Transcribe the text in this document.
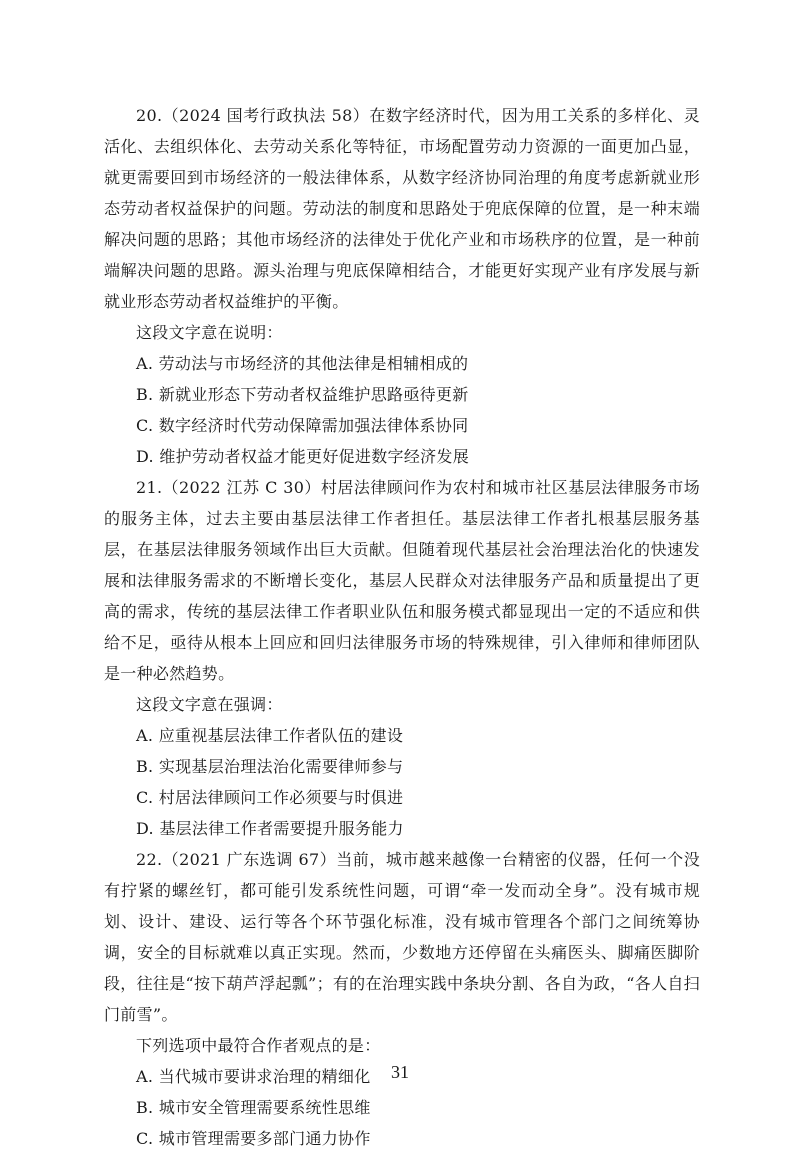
20.（2024 国考行政执法 58）在数字经济时代，因为用工关系的多样化、灵活化、去组织体化、去劳动关系化等特征，市场配置劳动力资源的一面更加凸显，就更需要回到市场经济的一般法律体系，从数字经济协同治理的角度考虑新就业形态劳动者权益保护的问题。劳动法的制度和思路处于兜底保障的位置，是一种末端解决问题的思路；其他市场经济的法律处于优化产业和市场秩序的位置，是一种前端解决问题的思路。源头治理与兜底保障相结合，才能更好实现产业有序发展与新就业形态劳动者权益维护的平衡。

这段文字意在说明：

A. 劳动法与市场经济的其他法律是相辅相成的

B. 新就业形态下劳动者权益维护思路亟待更新

C. 数字经济时代劳动保障需加强法律体系协同

D. 维护劳动者权益才能更好促进数字经济发展

21.（2022 江苏 C 30）村居法律顾问作为农村和城市社区基层法律服务市场的服务主体，过去主要由基层法律工作者担任。基层法律工作者扎根基层服务基层，在基层法律服务领域作出巨大贡献。但随着现代基层社会治理法治化的快速发展和法律服务需求的不断增长变化，基层人民群众对法律服务产品和质量提出了更高的需求，传统的基层法律工作者职业队伍和服务模式都显现出一定的不适应和供给不足，亟待从根本上回应和回归法律服务市场的特殊规律，引入律师和律师团队是一种必然趋势。

这段文字意在强调：

A. 应重视基层法律工作者队伍的建设

B. 实现基层治理法治化需要律师参与

C. 村居法律顾问工作必须要与时俱进

D. 基层法律工作者需要提升服务能力

22.（2021 广东选调 67）当前，城市越来越像一台精密的仪器，任何一个没有拧紧的螺丝钉，都可能引发系统性问题，可谓“牵一发而动全身”。没有城市规划、设计、建设、运行等各个环节强化标准，没有城市管理各个部门之间统筹协调，安全的目标就难以真正实现。然而，少数地方还停留在头痛医头、脚痛医脚阶段，往往是“按下葫芦浮起瓢”；有的在治理实践中条块分割、各自为政，“各人自扫门前雪”。

下列选项中最符合作者观点的是：

A. 当代城市要讲求治理的精细化

B. 城市安全管理需要系统性思维

C. 城市管理需要多部门通力协作

31
